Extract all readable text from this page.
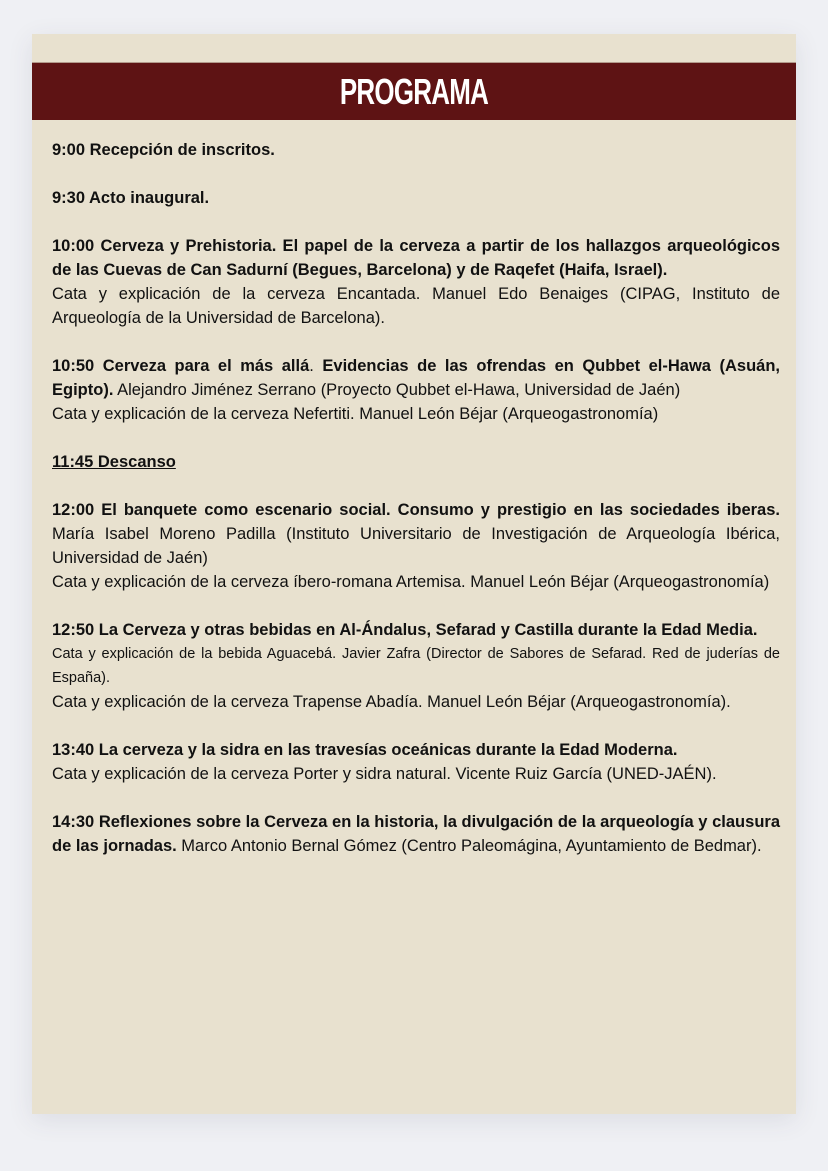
PROGRAMA

9:00 Recepción de inscritos.

9:30 Acto inaugural.

10:00 Cerveza y Prehistoria. El papel de la cerveza a partir de los hallazgos arqueológicos de las Cuevas de Can Sadurní (Begues, Barcelona) y de Raqefet (Haifa, Israel).

Cata y explicación de la cerveza Encantada. Manuel Edo Benaiges (CIPAG, Instituto de Arqueología de la Universidad de Barcelona).

10:50 Cerveza para el más allá. Evidencias de las ofrendas en Qubbet el-Hawa (Asuán, Egipto). Alejandro Jiménez Serrano (Proyecto Qubbet el-Hawa, Universidad de Jaén)

Cata y explicación de la cerveza Nefertiti. Manuel León Béjar (Arqueogastronomía)

11:45 Descanso

12:00 El banquete como escenario social. Consumo y prestigio en las sociedades iberas. María Isabel Moreno Padilla (Instituto Universitario de Investigación de Arqueología Ibérica, Universidad de Jaén)

Cata y explicación de la cerveza íbero-romana Artemisa. Manuel León Béjar (Arqueogastronomía)

12:50 La Cerveza y otras bebidas en Al-Ándalus, Sefarad y Castilla durante la Edad Media.

Cata y explicación de la bebida Aguacebá. Javier Zafra (Director de Sabores de Sefarad. Red de juderías de España).

Cata y explicación de la cerveza Trapense Abadía. Manuel León Béjar (Arqueogastronomía).

13:40 La cerveza y la sidra en las travesías oceánicas durante la Edad Moderna.

Cata y explicación de la cerveza Porter y sidra natural. Vicente Ruiz García (UNED-JAÉN).

14:30 Reflexiones sobre la Cerveza en la historia, la divulgación de la arqueología y clausura de las jornadas. Marco Antonio Bernal Gómez (Centro Paleomágina, Ayuntamiento de Bedmar).
